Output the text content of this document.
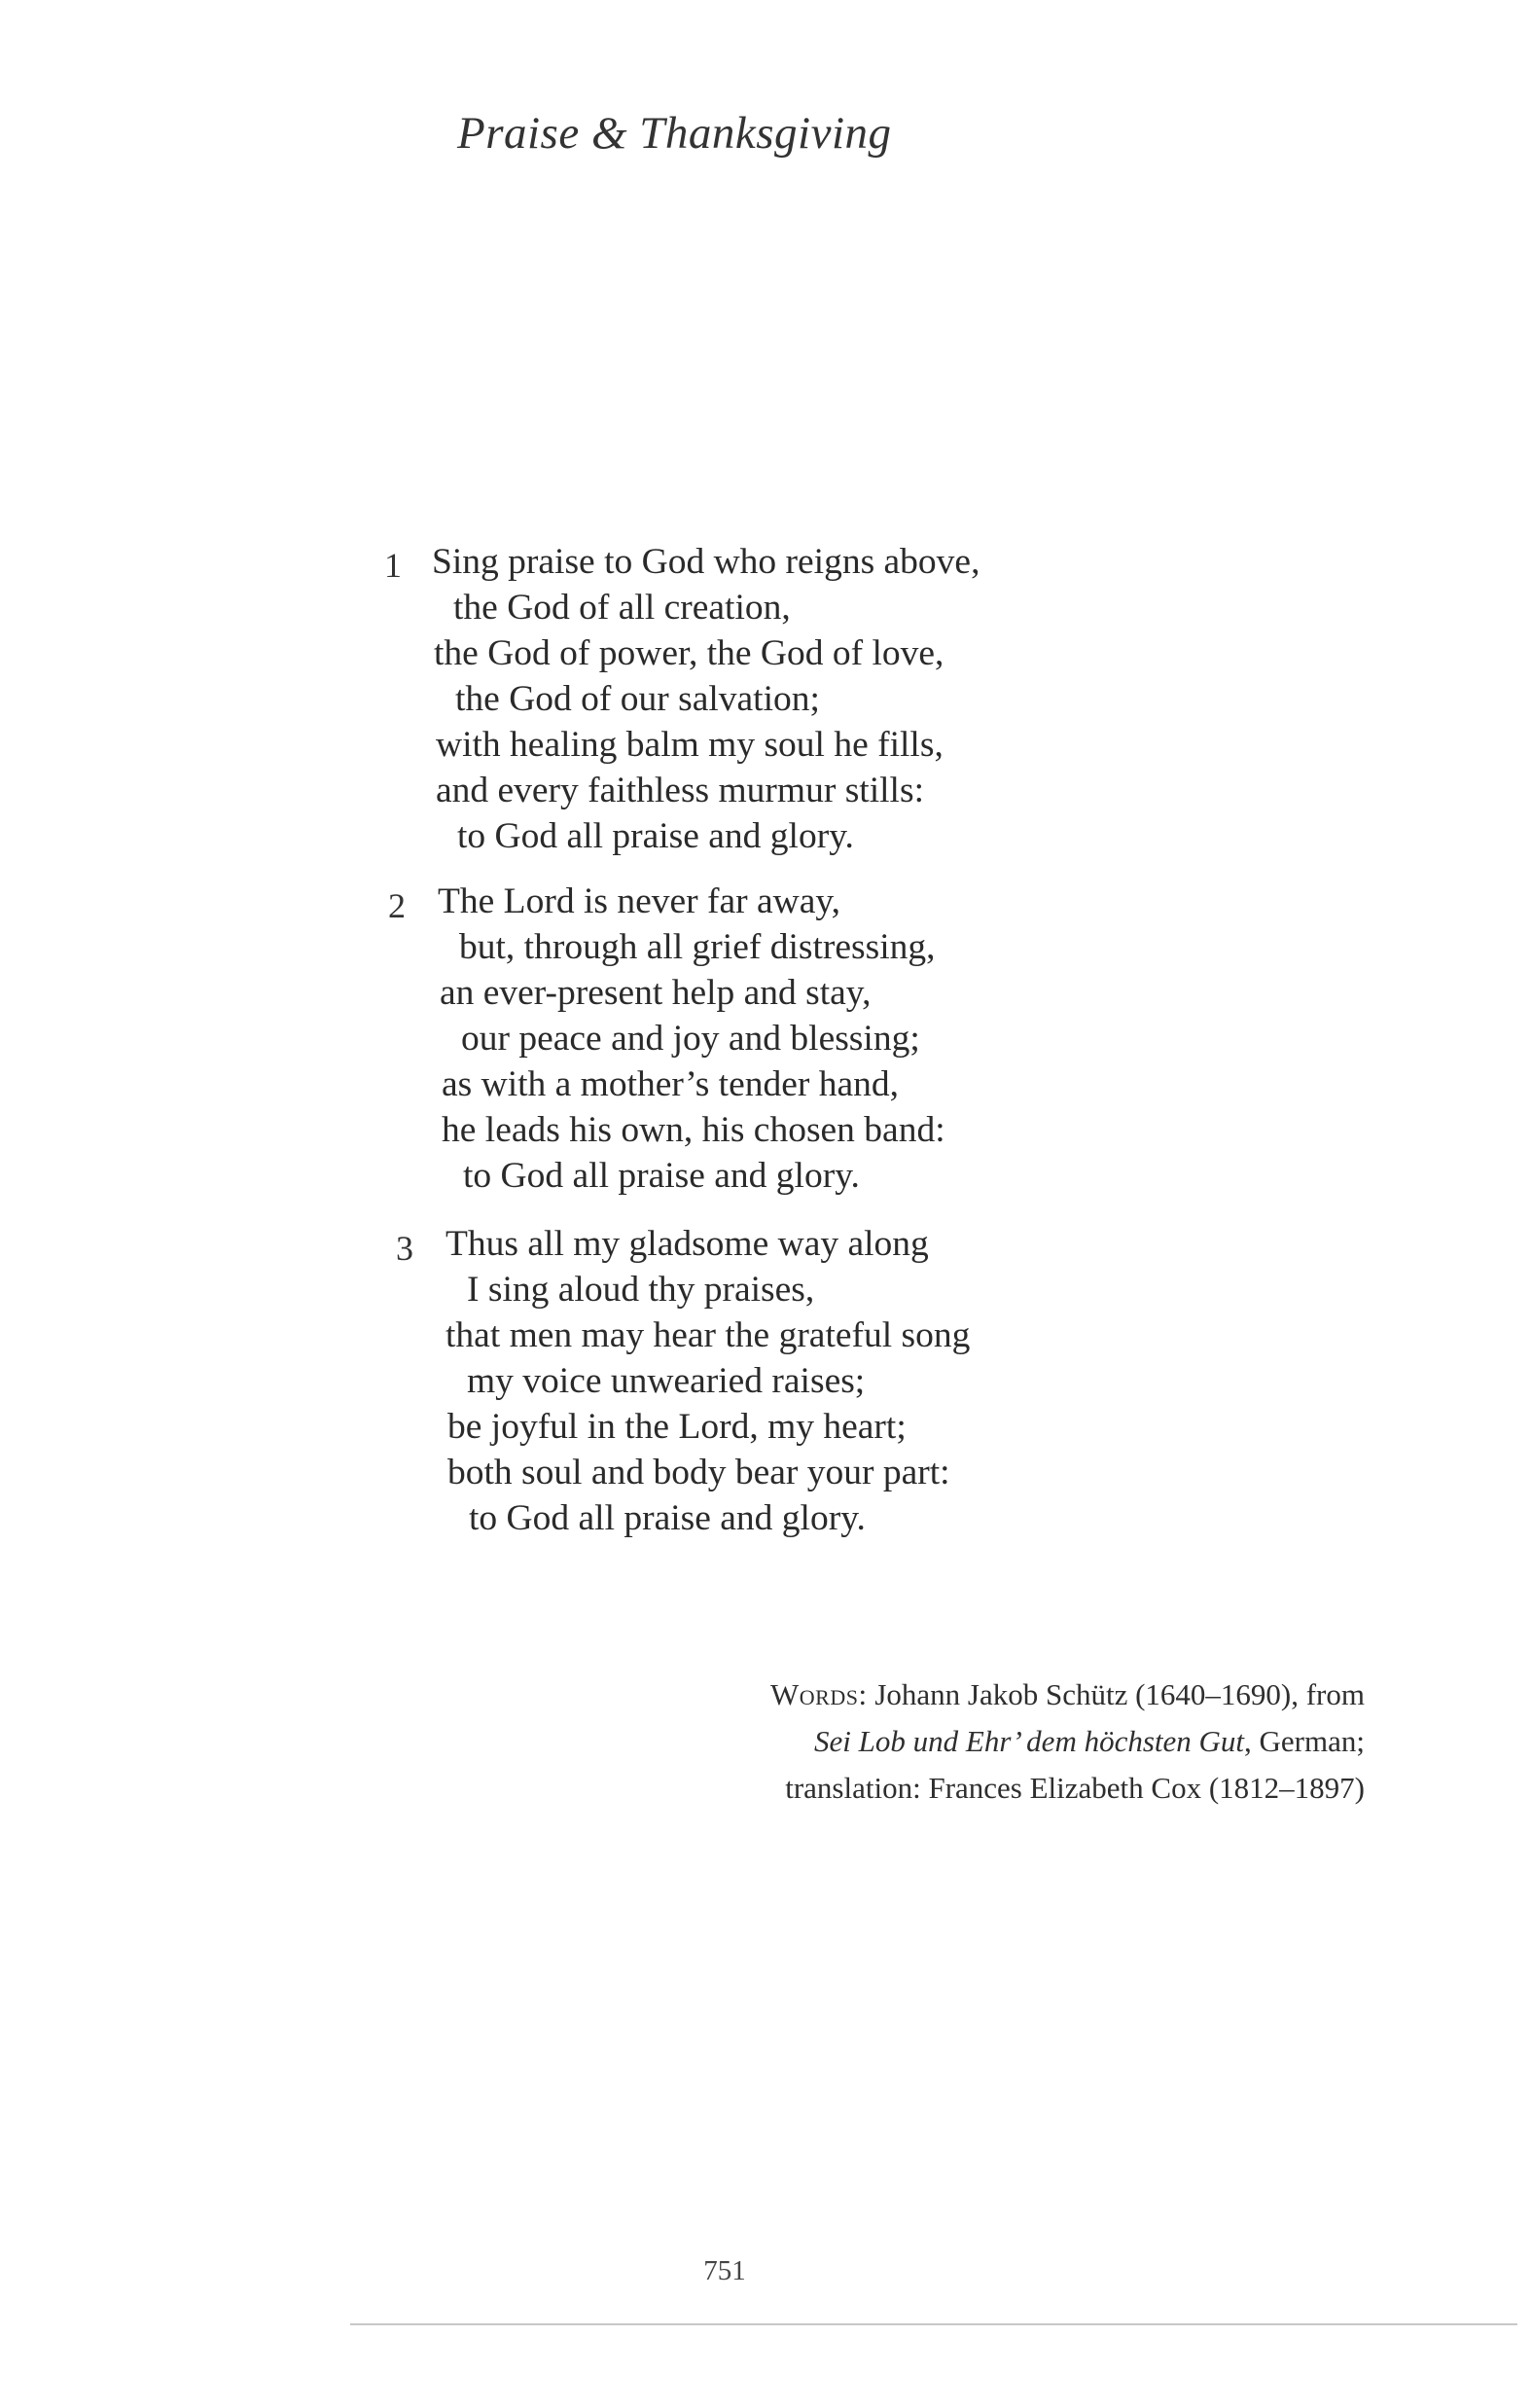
Praise & Thanksgiving
1 Sing praise to God who reigns above,
the God of all creation,
the God of power, the God of love,
the God of our salvation;
with healing balm my soul he fills,
and every faithless murmur stills:
to God all praise and glory.
2 The Lord is never far away,
but, through all grief distressing,
an ever-present help and stay,
our peace and joy and blessing;
as with a mother’s tender hand,
he leads his own, his chosen band:
to God all praise and glory.
3 Thus all my gladsome way along
I sing aloud thy praises,
that men may hear the grateful song
my voice unwearied raises;
be joyful in the Lord, my heart;
both soul and body bear your part:
to God all praise and glory.
Words: Johann Jakob Schütz (1640–1690), from
Sei Lob und Ehr’ dem höchsten Gut, German;
translation: Frances Elizabeth Cox (1812–1897)
751
